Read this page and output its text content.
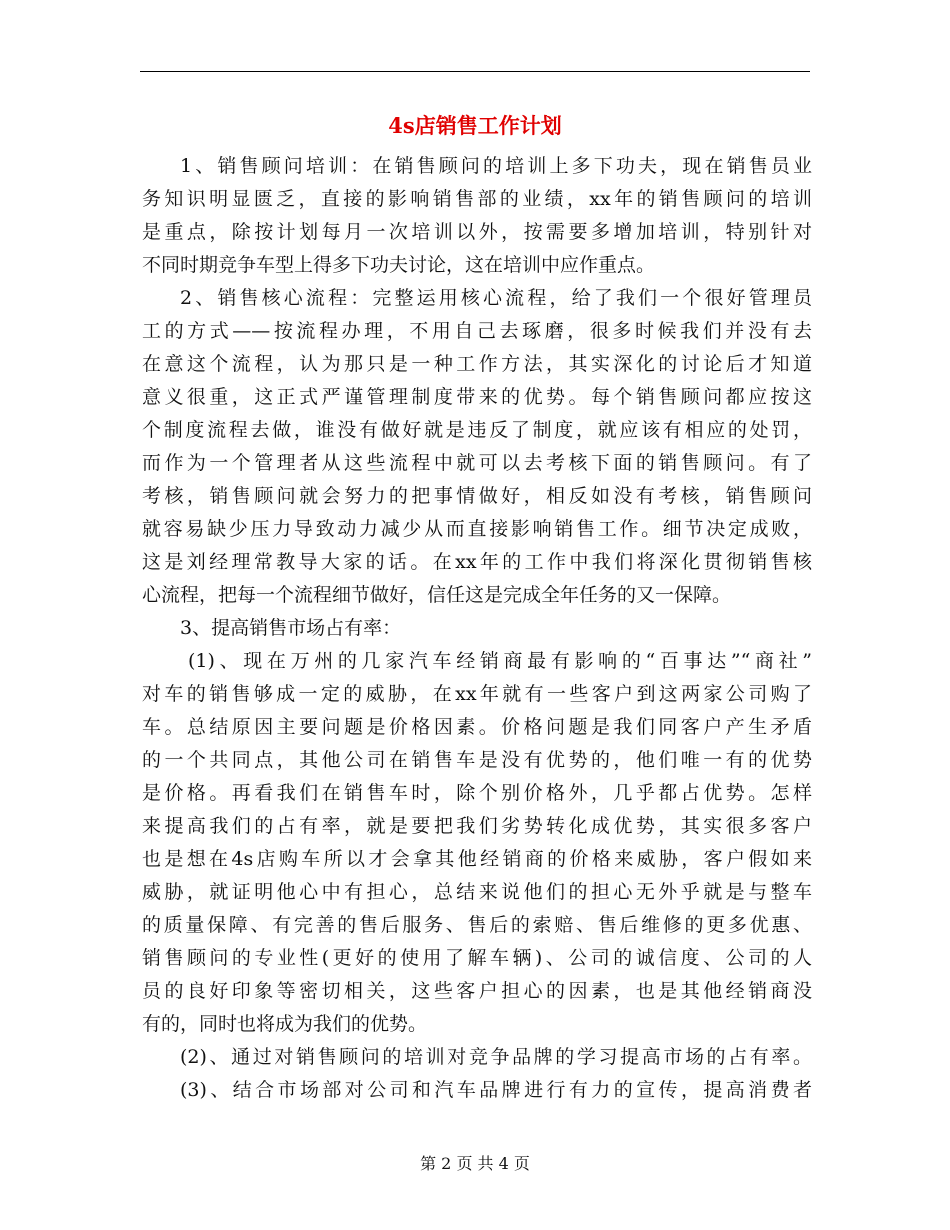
4s店销售工作计划
1、销售顾问培训：在销售顾问的培训上多下功夫，现在销售员业
务知识明显匮乏，直接的影响销售部的业绩，xx年的销售顾问的培训
是重点，除按计划每月一次培训以外，按需要多增加培训，特别针对
不同时期竞争车型上得多下功夫讨论，这在培训中应作重点。
2、销售核心流程：完整运用核心流程，给了我们一个很好管理员
工的方式——按流程办理，不用自己去琢磨，很多时候我们并没有去
在意这个流程，认为那只是一种工作方法，其实深化的讨论后才知道
意义很重，这正式严谨管理制度带来的优势。每个销售顾问都应按这
个制度流程去做，谁没有做好就是违反了制度，就应该有相应的处罚，
而作为一个管理者从这些流程中就可以去考核下面的销售顾问。有了
考核，销售顾问就会努力的把事情做好，相反如没有考核，销售顾问
就容易缺少压力导致动力减少从而直接影响销售工作。细节决定成败，
这是刘经理常教导大家的话。在xx年的工作中我们将深化贯彻销售核
心流程，把每一个流程细节做好，信任这是完成全年任务的又一保障。
3、提高销售市场占有率：
(1)、现在万州的几家汽车经销商最有影响的“百事达”“商社”
对车的销售够成一定的威胁，在xx年就有一些客户到这两家公司购了
车。总结原因主要问题是价格因素。价格问题是我们同客户产生矛盾
的一个共同点，其他公司在销售车是没有优势的，他们唯一有的优势
是价格。再看我们在销售车时，除个别价格外，几乎都占优势。怎样
来提高我们的占有率，就是要把我们劣势转化成优势，其实很多客户
也是想在4s店购车所以才会拿其他经销商的价格来威胁，客户假如来
威胁，就证明他心中有担心，总结来说他们的担心无外乎就是与整车
的质量保障、有完善的售后服务、售后的索赔、售后维修的更多优惠、
销售顾问的专业性(更好的使用了解车辆)、公司的诚信度、公司的人
员的良好印象等密切相关，这些客户担心的因素，也是其他经销商没
有的，同时也将成为我们的优势。
(2)、通过对销售顾问的培训对竞争品牌的学习提高市场的占有率。
(3)、结合市场部对公司和汽车品牌进行有力的宣传，提高消费者
第 2 页 共 4 页
